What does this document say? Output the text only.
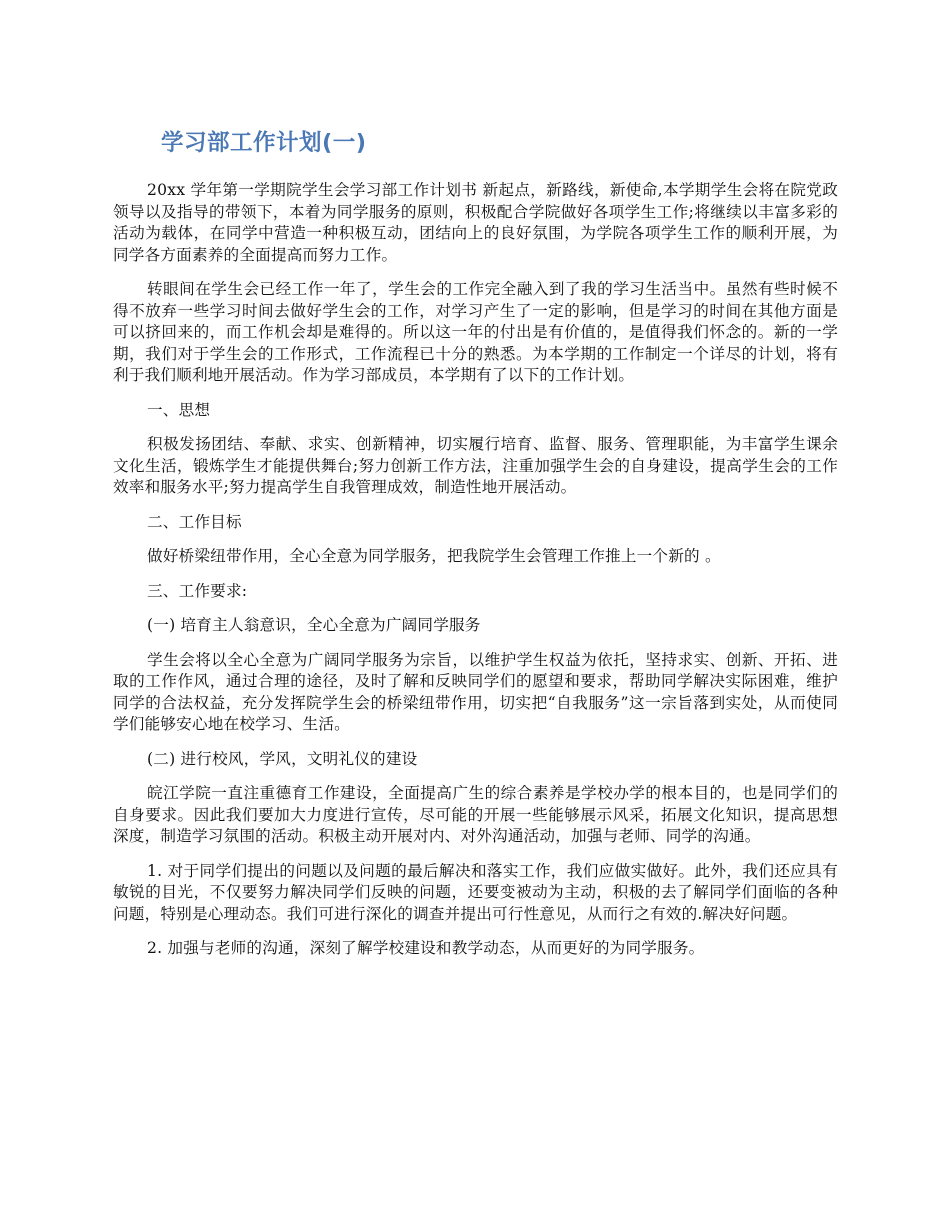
学习部工作计划(一)

20xx 学年第一学期院学生会学习部工作计划书 新起点，新路线，新使命,本学期学生会将在院党政领导以及指导的带领下，本着为同学服务的原则，积极配合学院做好各项学生工作;将继续以丰富多彩的活动为载体，在同学中营造一种积极互动，团结向上的良好氛围，为学院各项学生工作的顺利开展，为同学各方面素养的全面提高而努力工作。

转眼间在学生会已经工作一年了，学生会的工作完全融入到了我的学习生活当中。虽然有些时候不得不放弃一些学习时间去做好学生会的工作，对学习产生了一定的影响，但是学习的时间在其他方面是可以挤回来的，而工作机会却是难得的。所以这一年的付出是有价值的，是值得我们怀念的。新的一学期，我们对于学生会的工作形式，工作流程已十分的熟悉。为本学期的工作制定一个详尽的计划，将有利于我们顺利地开展活动。作为学习部成员，本学期有了以下的工作计划。

一、思想

积极发扬团结、奉献、求实、创新精神，切实履行培育、监督、服务、管理职能，为丰富学生课余文化生活，锻炼学生才能提供舞台;努力创新工作方法，注重加强学生会的自身建设，提高学生会的工作效率和服务水平;努力提高学生自我管理成效，制造性地开展活动。

二、工作目标

做好桥梁纽带作用，全心全意为同学服务，把我院学生会管理工作推上一个新的 。

三、工作要求:

(一) 培育主人翁意识，全心全意为广阔同学服务

学生会将以全心全意为广阔同学服务为宗旨，以维护学生权益为依托，坚持求实、创新、开拓、进取的工作作风，通过合理的途径，及时了解和反映同学们的愿望和要求，帮助同学解决实际困难，维护同学的合法权益，充分发挥院学生会的桥梁纽带作用，切实把“自我服务”这一宗旨落到实处，从而使同学们能够安心地在校学习、生活。

(二) 进行校风，学风，文明礼仪的建设

皖江学院一直注重德育工作建设，全面提高广生的综合素养是学校办学的根本目的，也是同学们的自身要求。因此我们要加大力度进行宣传，尽可能的开展一些能够展示风采，拓展文化知识，提高思想深度，制造学习氛围的活动。积极主动开展对内、对外沟通活动，加强与老师、同学的沟通。

1. 对于同学们提出的问题以及问题的最后解决和落实工作，我们应做实做好。此外，我们还应具有敏锐的目光，不仅要努力解决同学们反映的问题，还要变被动为主动，积极的去了解同学们面临的各种问题，特别是心理动态。我们可进行深化的调查并提出可行性意见，从而行之有效的.解决好问题。

2. 加强与老师的沟通，深刻了解学校建设和教学动态，从而更好的为同学服务。
